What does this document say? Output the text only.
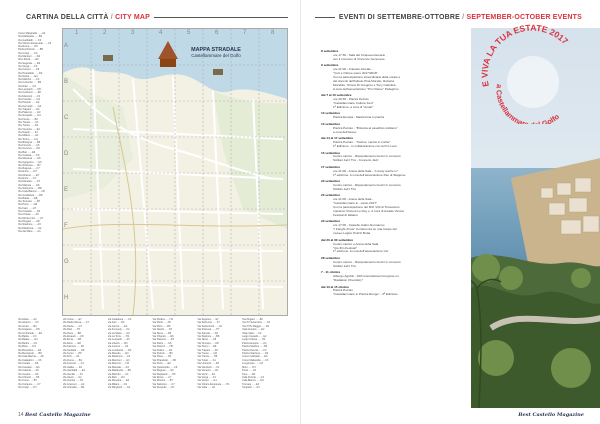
CARTINA DELLA CITTÀ / CITY MAP
Corso Mattarella ......A4
Via Mattarella ......B4
Via Garibaldi ......C3
Via Vittorio Emanuele ......C4
Via Roma ......D3
Piazza Petrolo ......B5
Via Crispi ......C4
Via Marconi ......D4
Via Libertà ......E2
Via Segesta ......E3
Via Verga ......F2
Via Cavour ......C5
Via Pirandello ......D2
Via Dante ......E4
Via Mazzini ......F3
Via Colombo ......B3
Via Diaz ......C2
Via Leopardi ......D5
Via Carducci ......E5
Via Manzoni ......F4
Via Foscolo ......G2
Via Pascoli ......G3
Via Kennedy ......G4
Via Trapani ......H2
Via Palermo ......H3
Via Scopello ......H4
Via Fiume ......B2
Via Trieste ......C1
Via Trento ......D1
Via Venezia ......E1
Via Napoli ......F1
Via Milano ......G1
Via Torino ......H1
Via Bologna ......B6
Via Firenze ......C6
Via Genova ......D6
Via Bari ......E6
Via Catania ......F6
Via Messina ......G6
Via Agrigento ......H5
Via Siracusa ......B7
Via Ragusa ......C7
Via Enna ......D7
Via Alcamo ......E7
Via Erice ......F7
Via Marsala ......G7
Via Mazara ......H6
Via Selinunte ......B8
Via Cala Bianca ......C8
Via Guidaloca ......D8
Via Baida ......E8
Via Tonnara ......F8
Via Porto ......G8
Via Faro ......H7
Via Castello ......A5
Via Chiesa ......A6
Via Monte Inici ......A7
Via Zingaro ......A8
Via Stazione ......A3
Via Madonna ......A2
Via del Mare ......A1
A
B
C
D
E
F
G
H
1	2	3	4	5	6	7	8
MAPPA STRADALE
Castellammare del Golfo
Via Abate ......A2
Via Alcamo ......C3
Via Amari ......B4
Via Aragona ......D5
Via Archimede ......E2
Via Baida ......F3
Via Balate ......G4
Via Bellini ......C2
Via Bixio ......D3
Via Borsellino ......E4
Via Buonarroti ......B5
Via Cala Marina ......A6
Via Calatafimi ......C6
Via Canale ......D6
Via Cassarà ......E6
Via Catania ......F6
Via Cesarò ......G6
Via Chinnici ......H6
Via Como ......B7
Via Corleone ......C7
Via Crispi ......D7
Via Croce ......E7
Via Dalla Chiesa ......F7
Via Dante ......G7
Via Diaz ......H7
Via Duca ......B8
Via Einaudi ......C8
Via Enna ......D8
Via Erice ......E8
Via Falcone ......F8
Via Fardella ......G8
Via Fermi ......H8
Via Filzi ......A1
Via Fiume ......B1
Via Foscolo ......C1
Via Galilei ......D1
Via Garibaldi ......E1
Via Gentile ......F1
Via Giusti ......G1
Via Gorizia ......H1
Via Gramsci ......A2
Via Grimaldi ......B2
Via Guidaloca ......C2
Via Inici ......D2
Via Isonzo ......E2
Via Kennedy ......F2
Via La Masa ......G2
Via La Torre ......H2
Via Leopardi ......A3
Via Libertà ......B3
Via Livorno ......C3
Via Lombardo ......D3
Via Macello ......E3
Via Madonna ......F3
Via Manzoni ......G3
Via Marconi ......H3
Via Marsala ......A4
Via Mattarella ......B4
Via Mazzini ......C4
Via Meli ......D4
Via Messina ......E4
Via Milano ......F4
Via Minghetti ......G4
Via Modica ......H4
Via Monti ......A5
Via Moro ......B5
Via Napoli ......C5
Via Nievo ......D5
Via Orlando ......E5
Via Palermo ......F5
Via Parini ......G5
Via Pascoli ......H5
Via Pellico ......A6
Via Petrolo ......B6
Via Piave ......C6
Via Pirandello ......D6
Via Porto ......E6
Via Quasimodo ......F6
Via Ragusa ......G6
Via Rapisardi ......H6
Via Roma ......A7
Via Rossini ......B7
Via Sabotino ......C7
Via Scopello ......D7
Via Segesta ......E7
Via Selinunte ......F7
Via Settembrini ......G7
Via Siracusa ......H7
Via Spinola ......A8
Via Stazione ......B8
Via Tasso ......C8
Via Tonnara ......D8
Via Torino ......E8
Via Trapani ......F8
Via Trento ......G8
Via Trieste ......H8
Via Turati ......A1
Via Umberto ......B1
Via Vanvitelli ......C1
Via Venezia ......D1
Via Verdi ......E1
Via Verga ......F1
Via Vespri ......G1
Via Vittorio Emanuele ......H1
Via Volta ......A2
Via Zingaro ......B2
Via XX Settembre ......C2
Via XXIV Maggio ......D2
Viale Europa ......E2
Viale Italia ......F2
Largo Castello ......G2
Largo Chiesa ......H2
Piazza Europa ......A3
Piazza Madrice ......B3
Piazza Petrolo ......C3
Piazza Stazione ......D3
Corso Garibaldi ......E3
Corso Mattarella ......F3
Lungomare ......G3
Molo ......H3
Porto ......A4
Faro ......B4
Cala Petrolo ......C4
Cala Bianca ......D4
Tonnara ......E4
Scopello ......F4
14 Best Castello Magazine
EVENTI DI SETTEMBRE-OTTOBRE / SEPTEMBER-OCTOBER EVENTS
E VIVA LA TUA ESTATE 2017
a Castellammar Golfo
8 settembre
ore 17:30 - Sala del Cinquecentenario
con il concerto di Vincenzo Genovese
9 settembre
ore 21:00 - Anteatro Ducale -
"Voci e Ottone sacro 2017/2018"
Con la partecipazione straordinaria della corale e
dei docenti dell'Istituto Pina Morello, Roberta
Morabito, Orione Di Gregorio e Tony Cattolica
A cura dell'associazione "Pro Ottone" Pellegrino
dal 7 al 10 settembre
ore 20:30 - Piazza Petrolo
"Castellammare Culture Fest"
1ª Edizione, a cura di "Amari"
10 settembre
Piazza Europa - Madonnina in piazza
13 settembre
Piazza Petrolo - "Briscola al caseificio siciliano"
a cura dell'Assoc.
dal 14 al 17 settembre
Piazza Petrolo - "Cactus, cactus in cortile"
1ª Edizione - in collaborazione con la Pro Loco
15 settembre
Centro storico - Ripopolamento bovini in concerto
Sicilian Jazz Trio - Concerto Jazz
17 settembre
ore 21:00 - Arena della Sala - "Lonely anche io"
1ª edizione. A cura dell'associazione Pan di Stagione
23 settembre
Centro storico - Ripopolamento bovini in concerto
Sicilian Jazz Trio
23 settembre
ore 21:00 - Arena della Sala -
"Castellammare in...canto 2017"
Con la partecipazione del Rdf, Vitti di Torreodoro
massimo Vincent Le Roy e. A cura di Arcade Venzel
Festival di Italiano
23 settembre
ore 17:00 - Castello Arabo-Normanno
"I Fanghi di Isis" Conferenza su una troupe del
museo Logico Polizzi Botta
dal 23 al 30 settembre
Centro storico e Arena della Sala
"Cio film Festival"
1ª edizione. A cura dell'associazione CLI
28 settembre
Centro storico - Ripopolamento bovini in concerto
Sicilian Jazz Trio
7 - 11 ottobre
Albergo Agrifoll - 19th International Congress on
"Radiation Chemistry"
dal 13 al 15 ottobre
Piazza Petrolo
"Castellammare in Piazza Rouge" - 3ª Edizione
Best Castello Magazine
